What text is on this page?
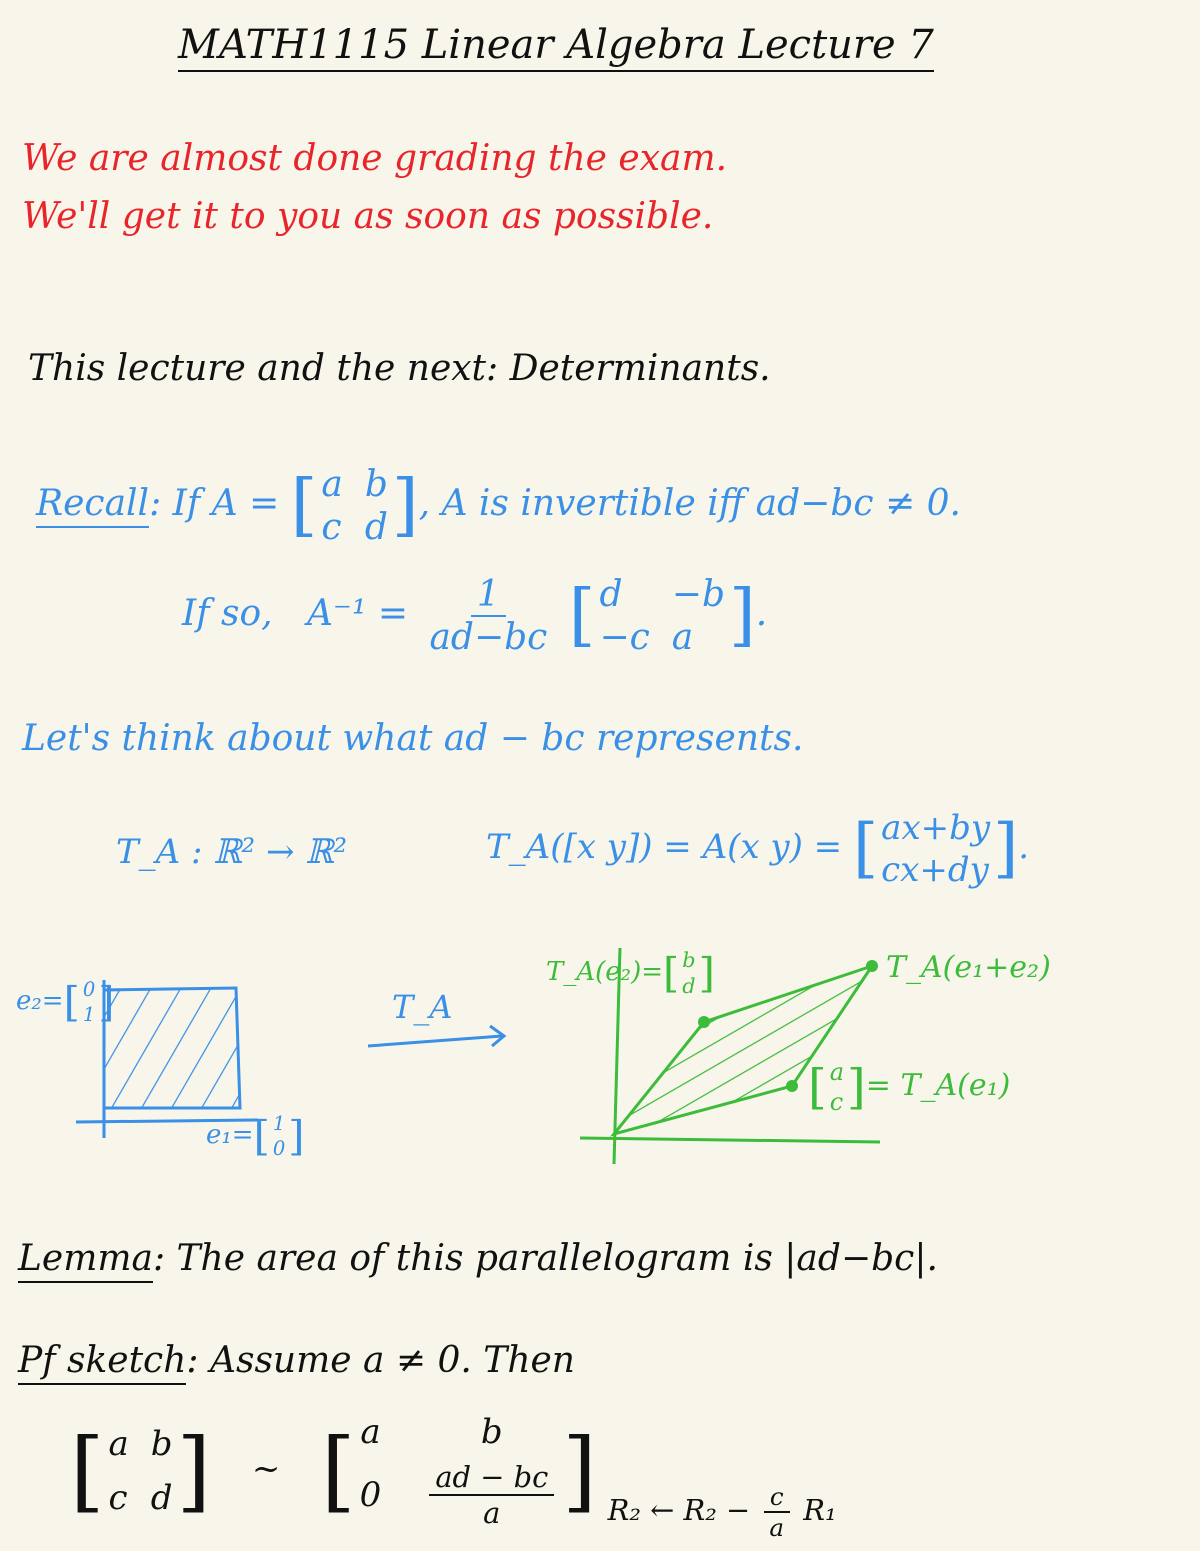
MATH1115 Linear Algebra Lecture 7
We are almost done grading the exam.
We'll get it to you as soon as possible.
This lecture and the next: Determinants.
Recall: If A = [ a b
c d ] , A is invertible iff ad−bc ≠ 0.
If so, $A^{-1} = \frac{1}{ad-bc}$
[ d	−b
−c a ] .
Let's think about what ad − bc represents.
T_A : ℝ² → ℝ²	T_A([x y]) = A(x y) = [ ax+by
cx+dy ] .
e₂= [ 0
1 ]
e₁= [ 1
0 ]
T_A
T_A(e₂)= [ b
d ]	T_A(e₁+e₂)
[ a
c ] = T_A(e₁)
Lemma: The area of this parallelogram is |ad−bc|.
Pf sketch: Assume a ≠ 0. Then
[ a b
c d ] ~ [ a	b
$0 \frac{ad - bc}{a}$ ] $_{R_2 \leftarrow R_2 - \frac{c}{a} R_1}$
